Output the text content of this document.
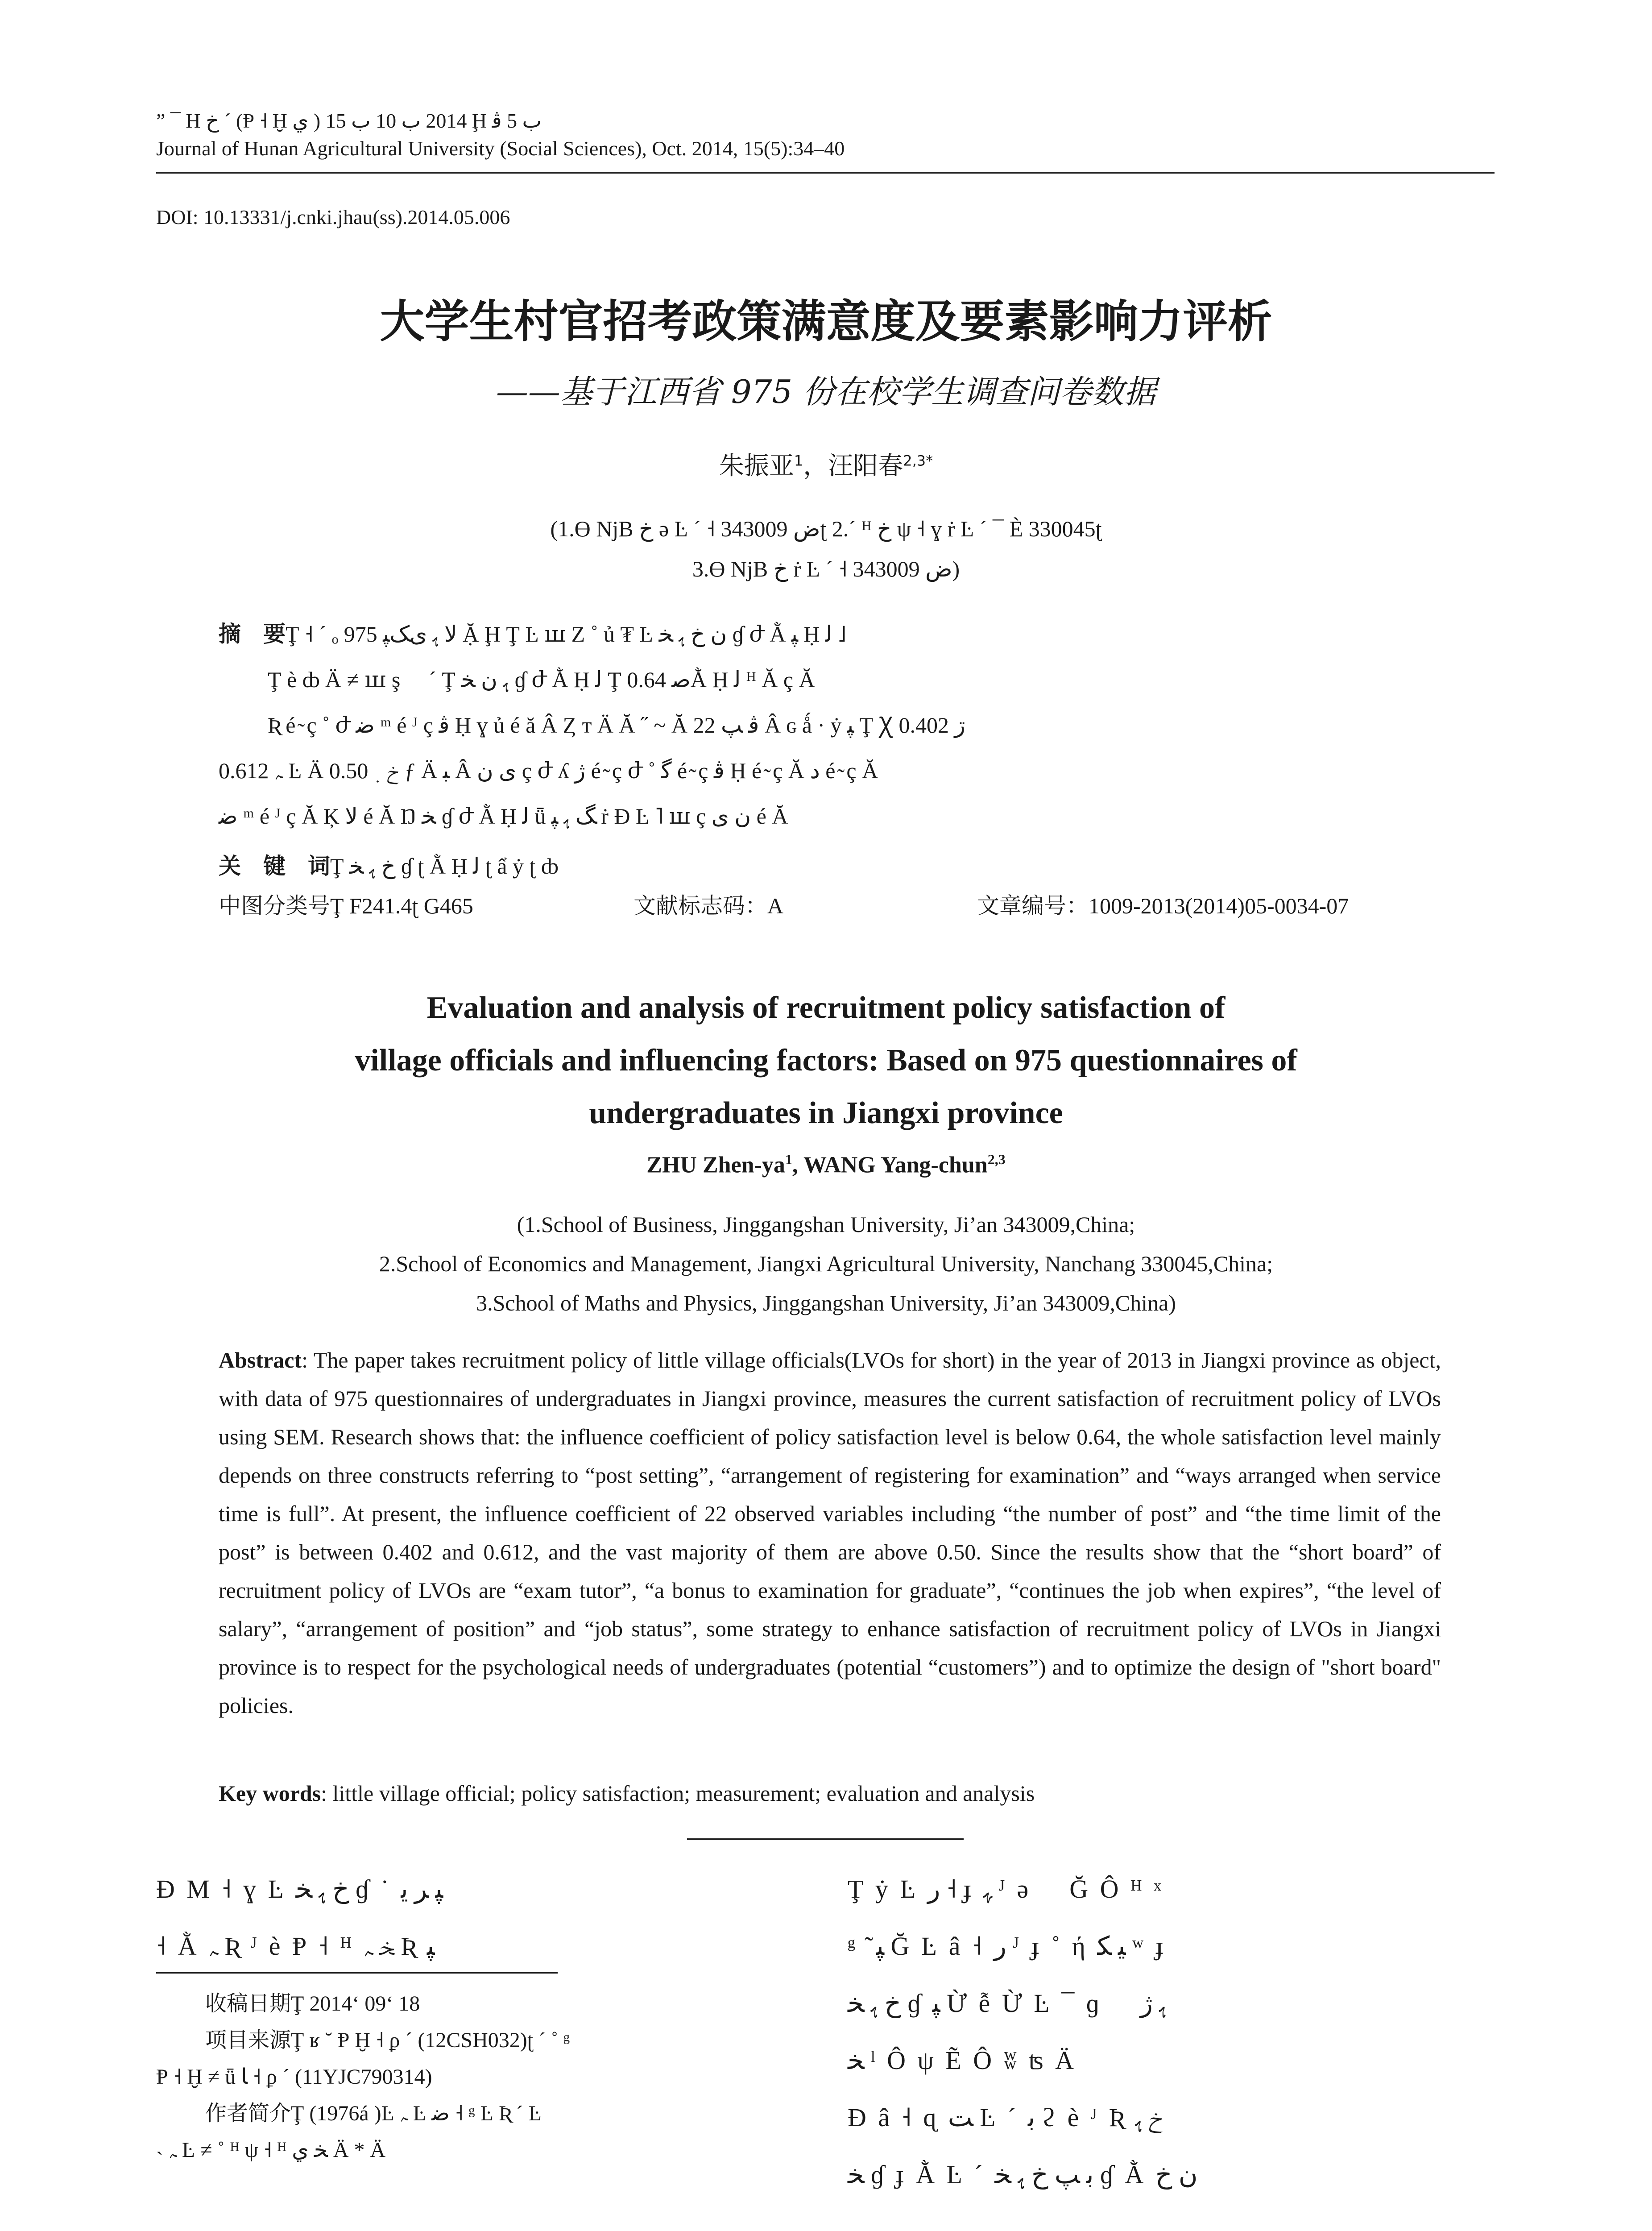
” ¯ H ﺥ ´ (Ᵽ ˧ Ḫ ي ) 2014 ب 10 ب 15 Ḩ ب 5 ﭬ
Journal of Hunan Agricultural University (Social Sciences), Oct. 2014, 15(5):34–40
DOI: 10.13331/j.cnki.jhau(ss).2014.05.006
大学生村官招考政策满意度及要素影响力评析
——基于江西省 975 份在校学生调查问卷数据
朱振亚$^1$，汪阳春$^{2,3*}$
(1.Ө NjB ﺥ ə Ŀ ´ ˧ ض 343009ʈ 2.´ ᴴ ﺥ ψ ˧ ɣ ṙ Ŀ ´ ¯ È 330045ʈ
3.Ө NjB ﺥ ṙ Ŀ ´ ˧ ض 343009)
摘　要Ţ ˧ ´ ₒ 975 ﻻ ﮨ ﯼﮏﭙ Ặ Ḩ Ţ Ŀ ꟺ Z ˚ ủ ₮ Ŀ ﻥ ﺥ ﮨ ﺨ ɠ ժ Ằ ﭙ Ḥ ﻟ ˩
Ţ è ȸ Ä ≠ ꟺ ş ⃞ ´ Ţ ﮨ ﻥ ﺨ ɠ ժ Ằ Ḥ ﻟ Ţ ﺻ 0.64Ằ Ḥ ﻟ ᴴ Ă ç Ă
Ʀ é ̴ ç ˚ ժ ﺿ ᵐ é ᴶ ç ﭬ Ḥ ɣ ủ é ă Â Ȥ ᴛ Ä Ă ˝ ~ Ă ﭬ ﭗ 22 Â ɢ ǻ · ẏ ﭙ Ţ Ꭓ 0.402 ڗ
0.612 ﮧ Ŀ Ä ﺥ ﮳ 0.50 ƒ Ä ﺒ Â ﯼ ﻥ ç ժ ʎ ژ é ̴ ç ժ ˚ ﮔ é ̴ ç ﭬ Ḥ é ̴ ç Ă ﺩ é ̴ ç Ă
ﺿ ᵐ é ᴶ ç Ă Ķ ﻻ é Ă Ŋ ﺨ ɠ ժ Ằ Ḥ ﻟ ǖ ﮓ ﮨ ﭙ ṙ Ɖ Ŀ ˥ ꟺ ç ﻥ ﯼ é Ă
关　键　词Ţ ﺥ ﮨ ﺨ ɠ ʈ Ằ Ḥ ﻟ ʈ ẩ ẏ ʈ ȸ
中图分类号Ţ F241.4ʈ G465	文献标志码：A	文章编号：1009-2013(2014)05-0034-07
Evaluation and analysis of recruitment policy satisfaction of
village officials and influencing factors: Based on 975 questionnaires of
undergraduates in Jiangxi province
ZHU Zhen-$ya^1$, WANG Yang-chun$^{2,3}$
(1.School of Business, Jinggangshan University, Ji’an 343009,China;
2.School of Economics and Management, Jiangxi Agricultural University, Nanchang 330045,China;
3.School of Maths and Physics, Jinggangshan University, Ji’an 343009,China)
Abstract: The paper takes recruitment policy of little village officials(LVOs for short) in the year of 2013 in Jiangxi province as object, with data of 975 questionnaires of undergraduates in Jiangxi province, measures the current satisfaction of recruitment policy of LVOs using SEM. Research shows that: the influence coefficient of policy satisfaction level is below 0.64, the whole satisfaction level mainly depends on three constructs referring to “post setting”, “arrangement of registering for examination” and “ways arranged when service time is full”. At present, the influence coefficient of 22 observed variables including “the number of post” and “the time limit of the post” is between 0.402 and 0.612, and the vast majority of them are above 0.50. Since the results show that the “short board” of recruitment policy of LVOs are “exam tutor”, “a bonus to examination for graduate”, “continues the job when expires”, “the level of salary”, “arrangement of position” and “job status”, some strategy to enhance satisfaction of recruitment policy of LVOs in Jiangxi province is to respect for the psychological needs of undergraduates (potential “customers”) and to optimize the design of "short board" policies.
Key words: little village official; policy satisfaction; measurement; evaluation and analysis
Ɖ M ˧ ɣ Ŀ ﺥ ﮨ ﺨ ɠ ˙ ﭙ ﺮ ﯾ
˧ Ằ ﮧ Ʀ ᴶ è Ᵽ ˧ ᴴ ﺨ ﮧ Ʀ ﭙ
Ţ ẏ Ŀ ﺭ ˧ ɟ ﮩ ᴶ ə ⃞ Ğ Ô ᴴ ˣ ⃞
ᵍ ̃ ﭙ Ğ Ŀ â ˧ ﺭ ᴶ ɟ ˚ ή ﯿ ﮑ ʷ ɟ
ﺥ ﮨ ﺨ ɠ ﭙ Ừ ễ Ừ Ŀ ¯ ɡ ⃞ ﮨ ژ
ﺨ ˡ Ô ψ Ẽ Ô ʬ ʦ Ä
Ɖ â ˧ ɋ ﺖ Ŀ ´ ﺑ ϩ è ᴶ Ʀ ﺥ ﮨ
ﺨ ɠ ɟ Ằ Ŀ ´ ﺑ ﭗ ﺥ ﮨ ﺨ ɠ Ằ ﻥ ﺥ
收稿日期Ţ 2014ʻ 09ʻ 18
项目来源Ţ ʁ ˘ Ᵽ Ḫ ˧ ϼ ´ (12CSH032)ʈ ´ ˚ ᵍ
Ᵽ ˧ Ḫ ≠ ǖ ﺎ ˧ ϼ ´ (11YJC790314)
作者简介Ţ (1976á )Ŀ ﮧ Ŀ ﺿ ˧ ᵍ Ŀ Ʀ ´ Ŀ
˴ ﮧ Ŀ ≠ ˚ ᴴ ψ ˧ ᴴ ﺨ ي Ä * Ä
